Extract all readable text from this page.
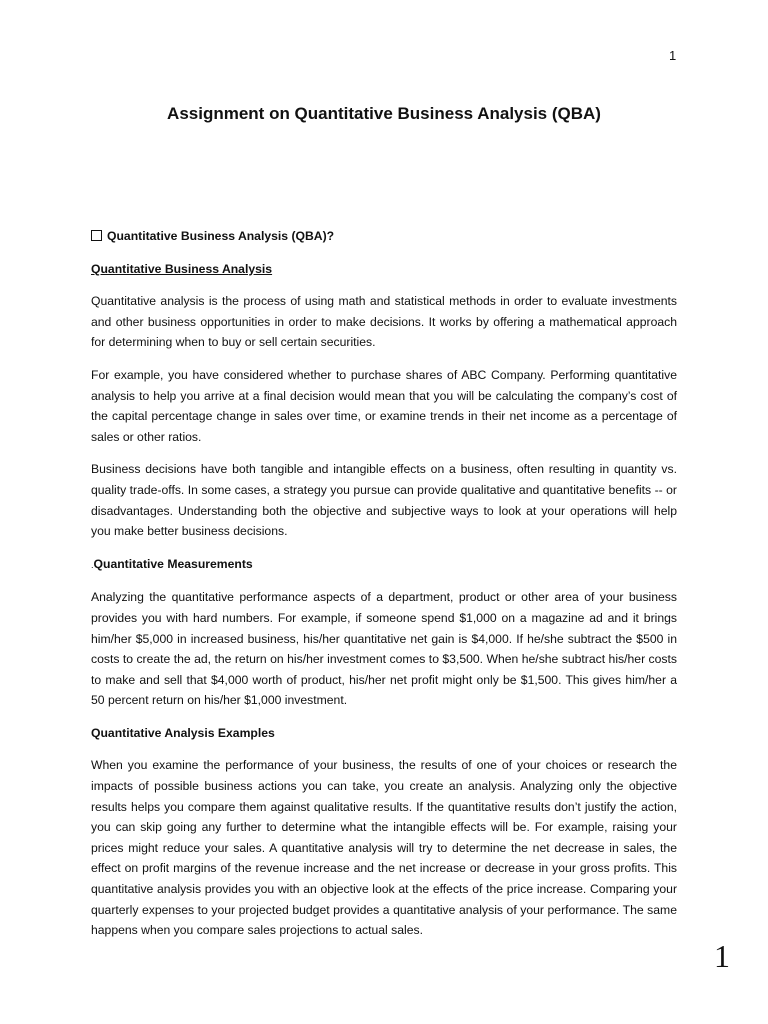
1
Assignment on Quantitative Business Analysis (QBA)

Quantitative Business Analysis (QBA)?

Quantitative Business Analysis

Quantitative analysis is the process of using math and statistical methods in order to evaluate investments and other business opportunities in order to make decisions. It works by offering a mathematical approach for determining when to buy or sell certain securities.

For example, you have considered whether to purchase shares of ABC Company. Performing quantitative analysis to help you arrive at a final decision would mean that you will be calculating the company’s cost of the capital percentage change in sales over time, or examine trends in their net income as a percentage of sales or other ratios.

Business decisions have both tangible and intangible effects on a business, often resulting in quantity vs. quality trade-offs. In some cases, a strategy you pursue can provide qualitative and quantitative benefits -- or disadvantages. Understanding both the objective and subjective ways to look at your operations will help you make better business decisions.

.Quantitative Measurements

Analyzing the quantitative performance aspects of a department, product or other area of your business provides you with hard numbers. For example, if someone spend $1,000 on a magazine ad and it brings him/her $5,000 in increased business, his/her quantitative net gain is $4,000. If he/she subtract the $500 in costs to create the ad, the return on his/her investment comes to $3,500. When he/she subtract his/her costs to make and sell that $4,000 worth of product, his/her net profit might only be $1,500. This gives him/her a 50 percent return on his/her $1,000 investment.

Quantitative Analysis Examples

When you examine the performance of your business, the results of one of your choices or research the impacts of possible business actions you can take, you create an analysis. Analyzing only the objective results helps you compare them against qualitative results. If the quantitative results don’t justify the action, you can skip going any further to determine what the intangible effects will be. For example, raising your prices might reduce your sales. A quantitative analysis will try to determine the net decrease in sales, the effect on profit margins of the revenue increase and the net increase or decrease in your gross profits. This quantitative analysis provides you with an objective look at the effects of the price increase. Comparing your quarterly expenses to your projected budget provides a quantitative analysis of your performance. The same happens when you compare sales projections to actual sales.

1
